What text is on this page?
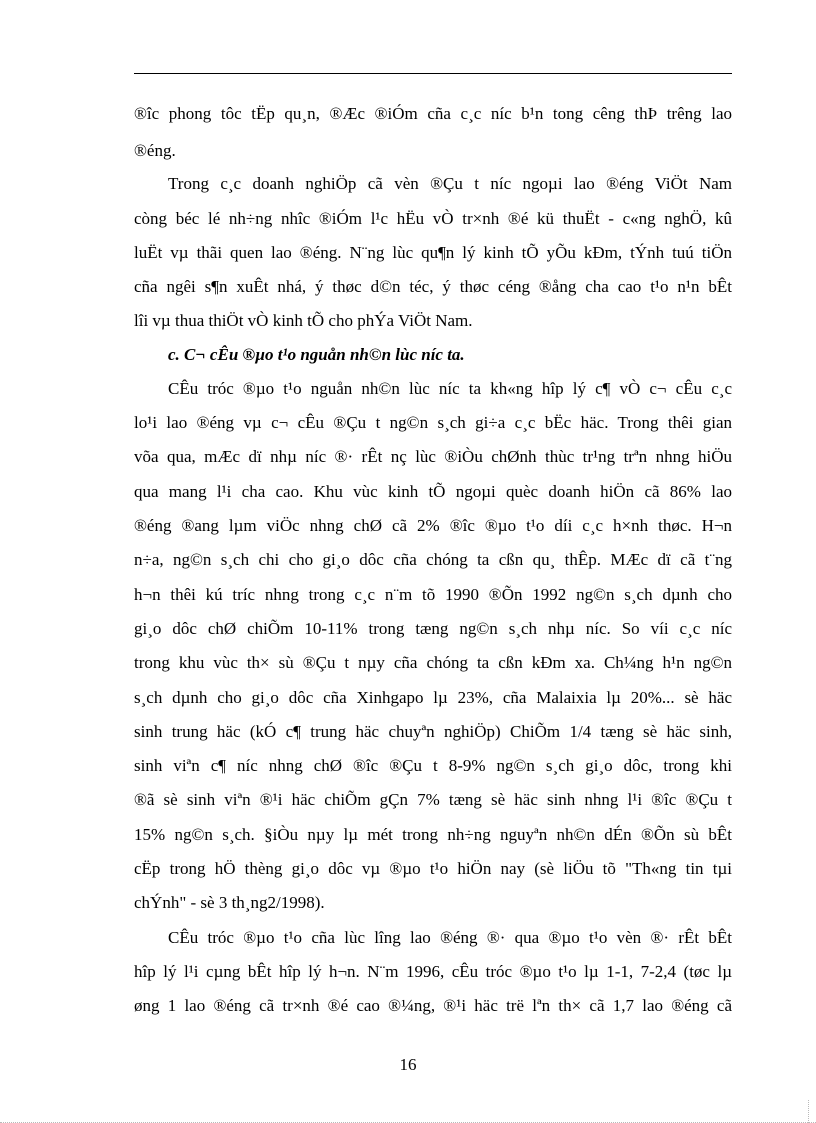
®îc phong tôc tËp qu¸n, ®Æc ®iÓm cña c¸c níc b¹n tong cêng thÞ trêng lao
®éng.
Trong c¸c doanh nghiÖp cã vèn ®Çu t níc ngoµi lao ®éng ViÖt Nam
còng béc lé nh÷ng nhîc ®iÓm l¹c hËu vÒ tr×nh ®é kü thuËt - c«ng nghÖ, kû
luËt vµ thãi quen lao ®éng. N¨ng lùc qu¶n lý kinh tÕ yÕu kÐm, tÝnh tuú tiÖn
cña ngêi s¶n xuÊt nhá, ý thøc d©n téc, ý thøc céng ®ång cha cao t¹o n¹n bÊt
lîi vµ thua thiÖt vÒ kinh tÕ cho phÝa ViÖt Nam.
c. C¬ cÊu ®µo t¹o nguån nh©n lùc níc ta.
CÊu tróc ®µo t¹o nguån nh©n lùc níc ta kh«ng hîp lý c¶ vÒ c¬ cÊu c¸c
lo¹i lao ®éng vµ c¬ cÊu ®Çu t ng©n s¸ch gi÷a c¸c bËc häc. Trong thêi gian
võa qua, mÆc dï nhµ níc ®· rÊt nç lùc ®iÒu chØnh thùc tr¹ng trªn nhng hiÖu
qua mang l¹i cha cao. Khu vùc kinh tÕ ngoµi quèc doanh hiÖn cã 86% lao
®éng ®ang lµm viÖc nhng chØ cã 2% ®îc ®µo t¹o díi c¸c h×nh thøc. H¬n
n÷a, ng©n s¸ch chi cho gi¸o dôc cña chóng ta cßn qu¸ thÊp. MÆc dï cã t¨ng
h¬n thêi kú tríc nhng trong c¸c n¨m tõ 1990 ®Õn 1992 ng©n s¸ch dµnh cho
gi¸o dôc chØ chiÕm 10-11% trong tæng ng©n s¸ch nhµ níc. So víi c¸c níc
trong khu vùc th× sù ®Çu t nµy cña chóng ta cßn kÐm xa. Ch¼ng h¹n ng©n
s¸ch dµnh cho gi¸o dôc cña Xinhgapo lµ 23%, cña Malaixia lµ 20%... sè häc
sinh trung häc (kÓ c¶ trung häc chuyªn nghiÖp) ChiÕm 1/4 tæng sè häc sinh,
sinh viªn c¶ níc nhng chØ ®îc ®Çu t 8-9% ng©n s¸ch gi¸o dôc, trong khi
®ã sè sinh viªn ®¹i häc chiÕm gÇn 7% tæng sè häc sinh nhng l¹i ®îc ®Çu t
15% ng©n s¸ch. §iÒu nµy lµ mét trong nh÷ng nguyªn nh©n dÉn ®Õn sù bÊt
cËp trong hÖ thèng gi¸o dôc vµ ®µo t¹o hiÖn nay (sè liÖu tõ "Th«ng tin tµi
chÝnh" - sè 3 th¸ng2/1998).
CÊu tróc ®µo t¹o cña lùc lîng lao ®éng ®· qua ®µo t¹o vèn ®· rÊt bÊt
hîp lý l¹i cµng bÊt hîp lý h¬n. N¨m 1996, cÊu tróc ®µo t¹o lµ 1-1, 7-2,4 (tøc lµ
øng 1 lao ®éng cã tr×nh ®é cao ®¼ng, ®¹i häc trë lªn th× cã 1,7 lao ®éng cã
16
